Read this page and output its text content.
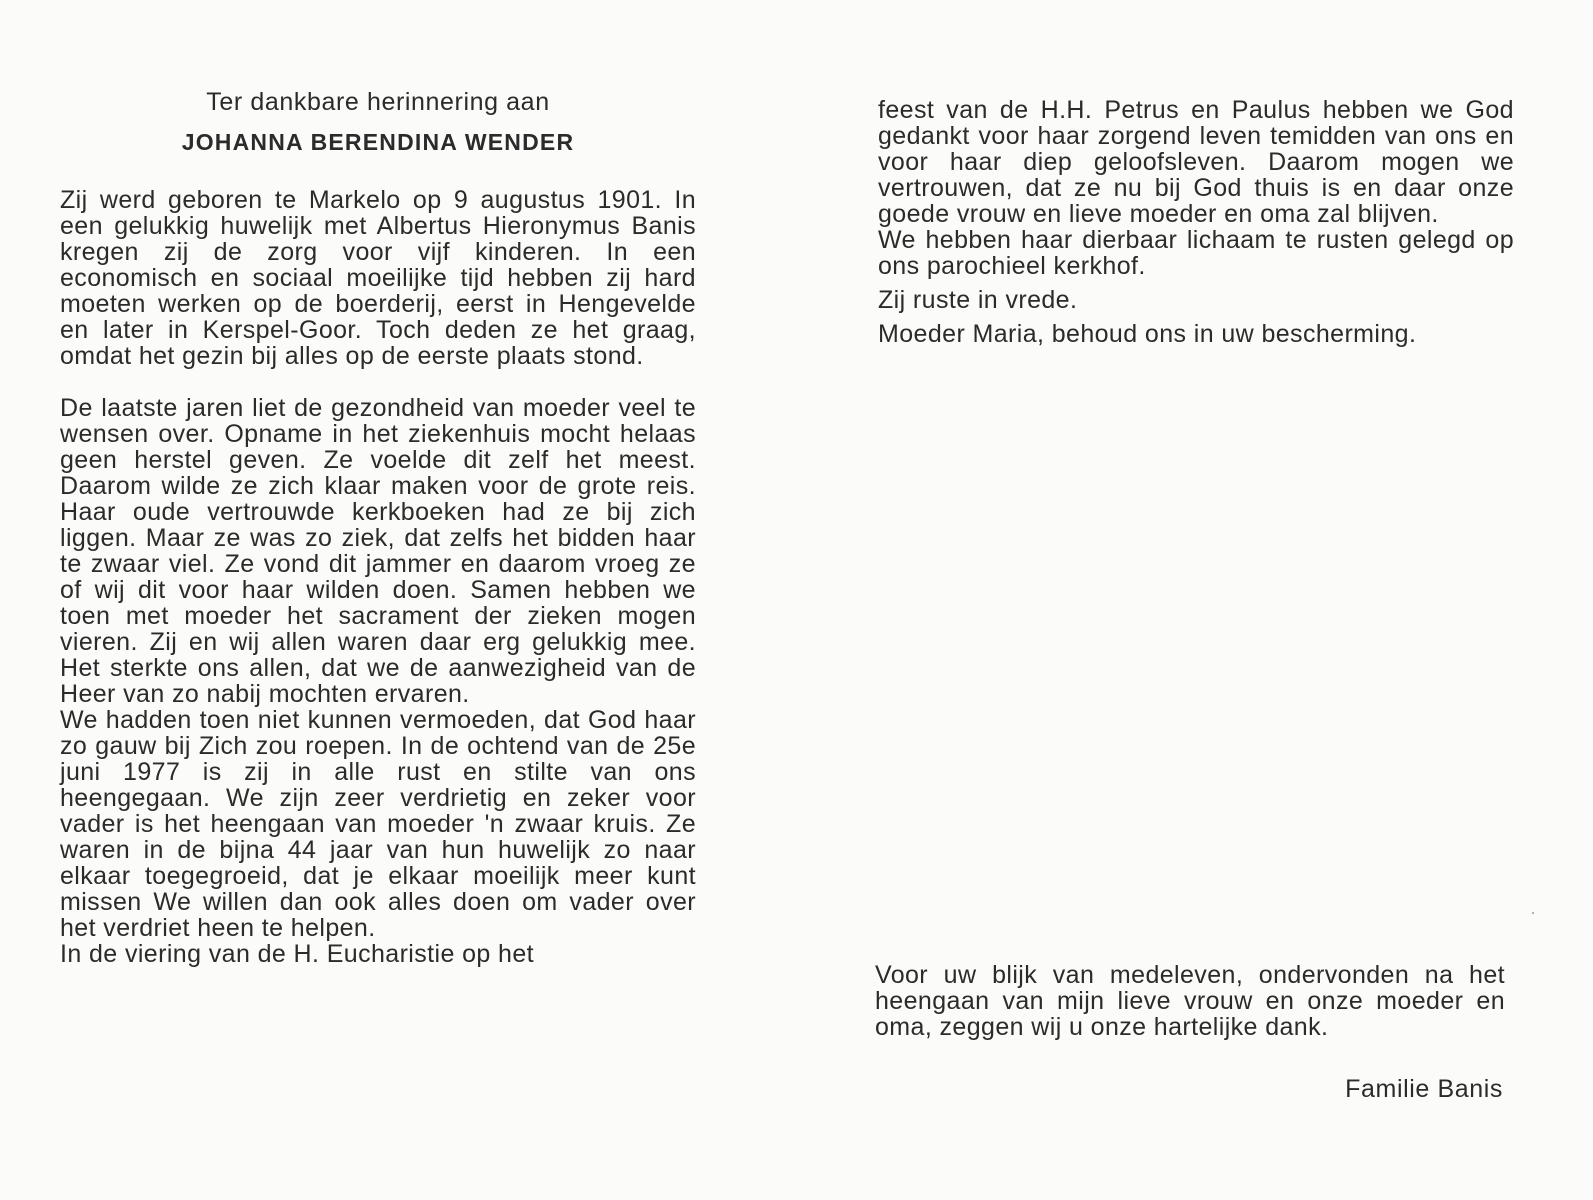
Ter dankbare herinnering aan

JOHANNA BERENDINA WENDER

Zij werd geboren te Markelo op 9 augustus 1901. In een gelukkig huwelijk met Albertus Hieronymus Banis kregen zij de zorg voor vijf kinderen. In een economisch en sociaal moeilijke tijd hebben zij hard moeten werken op de boerderij, eerst in Hengevelde en later in Kerspel-Goor. Toch deden ze het graag, omdat het gezin bij alles op de eerste plaats stond.

De laatste jaren liet de gezondheid van moeder veel te wensen over. Opname in het ziekenhuis mocht helaas geen herstel geven. Ze voelde dit zelf het meest. Daarom wilde ze zich klaar maken voor de grote reis. Haar oude vertrouwde kerkboeken had ze bij zich liggen. Maar ze was zo ziek, dat zelfs het bidden haar te zwaar viel. Ze vond dit jammer en daarom vroeg ze of wij dit voor haar wilden doen. Samen hebben we toen met moeder het sacrament der zieken mogen vieren. Zij en wij allen waren daar erg gelukkig mee. Het sterkte ons allen, dat we de aanwezigheid van de Heer van zo nabij mochten ervaren.

We hadden toen niet kunnen vermoeden, dat God haar zo gauw bij Zich zou roepen. In de ochtend van de 25e juni 1977 is zij in alle rust en stilte van ons heengegaan. We zijn zeer verdrietig en zeker voor vader is het heengaan van moeder 'n zwaar kruis. Ze waren in de bijna 44 jaar van hun huwelijk zo naar elkaar toegegroeid, dat je elkaar moeilijk meer kunt missen We willen dan ook alles doen om vader over het verdriet heen te helpen.

In de viering van de H. Eucharistie op het

feest van de H.H. Petrus en Paulus hebben we God gedankt voor haar zorgend leven temidden van ons en voor haar diep geloofsleven. Daarom mogen we vertrouwen, dat ze nu bij God thuis is en daar onze goede vrouw en lieve moeder en oma zal blijven.

We hebben haar dierbaar lichaam te rusten gelegd op ons parochieel kerkhof.

Zij ruste in vrede.

Moeder Maria, behoud ons in uw bescherming.

Voor uw blijk van medeleven, ondervonden na het heengaan van mijn lieve vrouw en onze moeder en oma, zeggen wij u onze hartelijke dank.

Familie Banis
